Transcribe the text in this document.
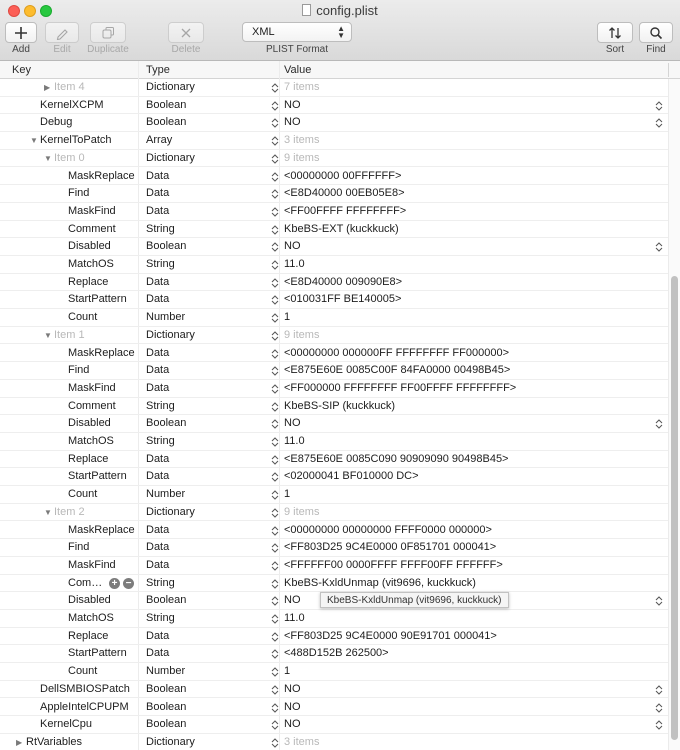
config.plist
Add	Edit	Duplicate	Delete
XML	▲
▼
PLIST Format	Sort	Find
Key	Type	Value
▶ Item 4	Dictionary	7 items
KernelXCPM	Boolean	NO
Debug	Boolean	NO
▼ KernelToPatch	Array	3 items
▼ Item 0	Dictionary	9 items
MaskReplace	Data	<00000000 00FFFFFF>
Find	Data	<E8D40000 00EB05E8>
MaskFind	Data	<FF00FFFF FFFFFFFF>
Comment	String	KbeBS-EXT (kuckkuck)
Disabled	Boolean	NO
MatchOS	String	11.0
Replace	Data	<E8D40000 009090E8>
StartPattern	Data	<010031FF BE140005>
Count	Number	1
▼ Item 1	Dictionary	9 items
MaskReplace	Data	<00000000 000000FF FFFFFFFF FF000000>
Find	Data	<E875E60E 0085C00F 84FA0000 00498B45>
MaskFind	Data	<FF000000 FFFFFFFF FF00FFFF FFFFFFFF>
Comment	String	KbeBS-SIP (kuckkuck)
Disabled	Boolean	NO
MatchOS	String	11.0
Replace	Data	<E875E60E 0085C090 90909090 90498B45>
StartPattern	Data	<02000041 BF010000 DC>
Count	Number	1
▼ Item 2	Dictionary	9 items
MaskReplace	Data	<00000000 00000000 FFFF0000 000000>
Find	Data	<FF803D25 9C4E0000 0F851701 000041>
MaskFind	Data	<FFFFFF00 0000FFFF FFFF00FF FFFFFF>
Com… + − String	KbeBS-KxldUnmap (vit9696, kuckkuck)
Disabled	Boolean	NO
MatchOS	String	11.0
Replace	Data	<FF803D25 9C4E0000 90E91701 000041>
StartPattern	Data	<488D152B 262500>
Count	Number	1
DellSMBIOSPatch	Boolean	NO
AppleIntelCPUPM	Boolean	NO
KernelCpu	Boolean	NO
▶ RtVariables	Dictionary	3 items
KbeBS-KxldUnmap (vit9696, kuckkuck)
